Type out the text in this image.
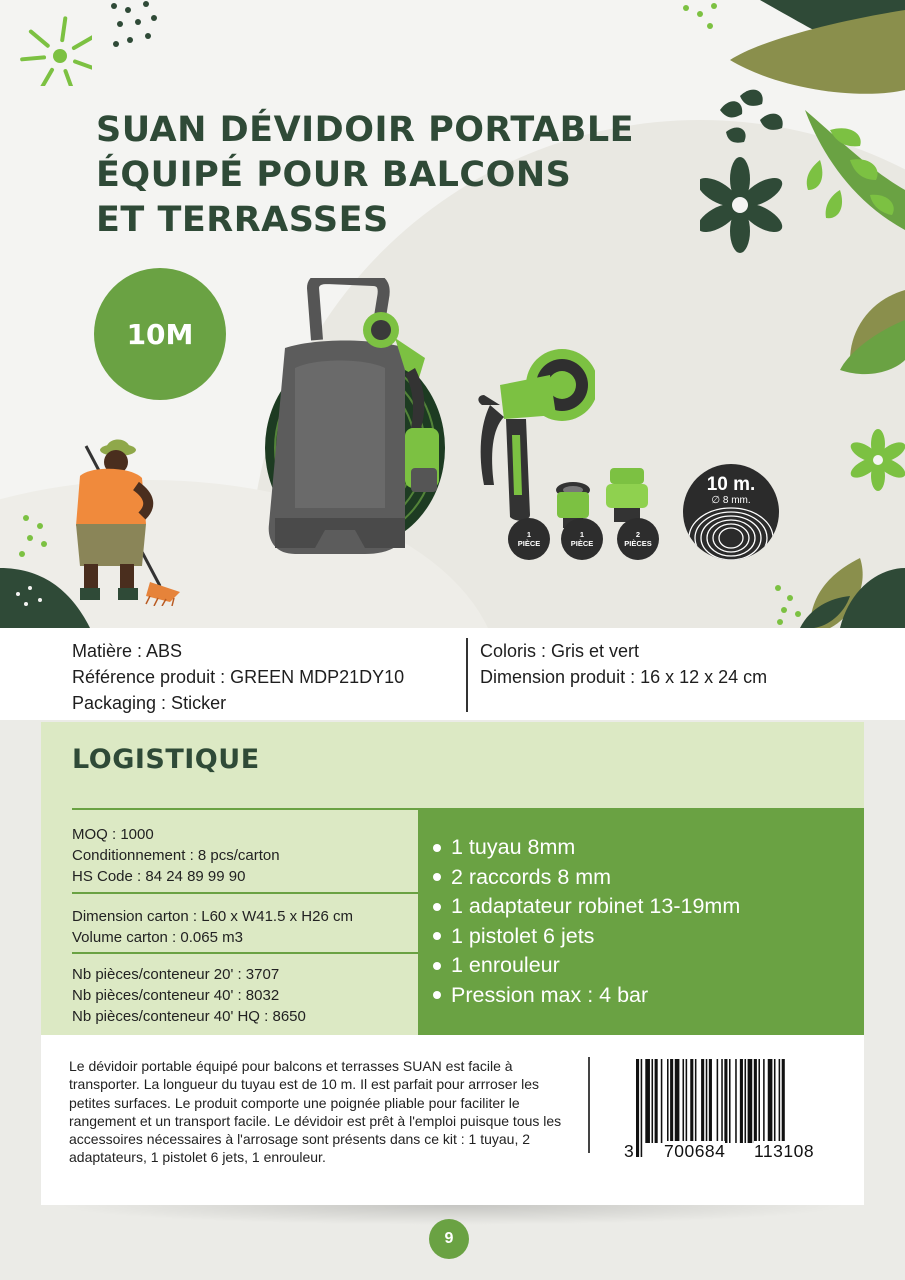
1
PIÈCE
1
PIÈCE
2
PIÈCES
10 m.
∅ 8 mm.
SUAN DÉVIDOIR PORTABLE
ÉQUIPÉ POUR BALCONS
ET TERRASSES
10M
Matière : ABS
Référence produit : GREEN MDP21DY10
Packaging : Sticker
Coloris : Gris et vert
Dimension produit : 16 x 12 x 24 cm
LOGISTIQUE
MOQ : 1000
Conditionnement : 8 pcs/carton
HS Code : 84 24 89 99 90
Dimension carton : L60 x W41.5 x H26 cm
Volume carton : 0.065 m3
Nb pièces/conteneur 20' : 3707
Nb pièces/conteneur 40' : 8032
Nb pièces/conteneur 40' HQ : 8650
1 tuyau 8mm
2 raccords 8 mm
1 adaptateur robinet 13-19mm
1 pistolet 6 jets
1 enrouleur
Pression max : 4 bar
Le dévidoir portable équipé pour balcons et terrasses SUAN est facile à transporter. La longueur du tuyau est de 10 m. Il est parfait pour arrroser les petites surfaces. Le produit comporte une poignée pliable pour faciliter le rangement et un transport facile. Le dévidoir est prêt à l'emploi puisque tous les accessoires nécessaires à l'arrosage sont présents dans ce kit : 1 tuyau, 2 adaptateurs, 1 pistolet 6 jets, 1 enrouleur.	3 700684 113108
9
